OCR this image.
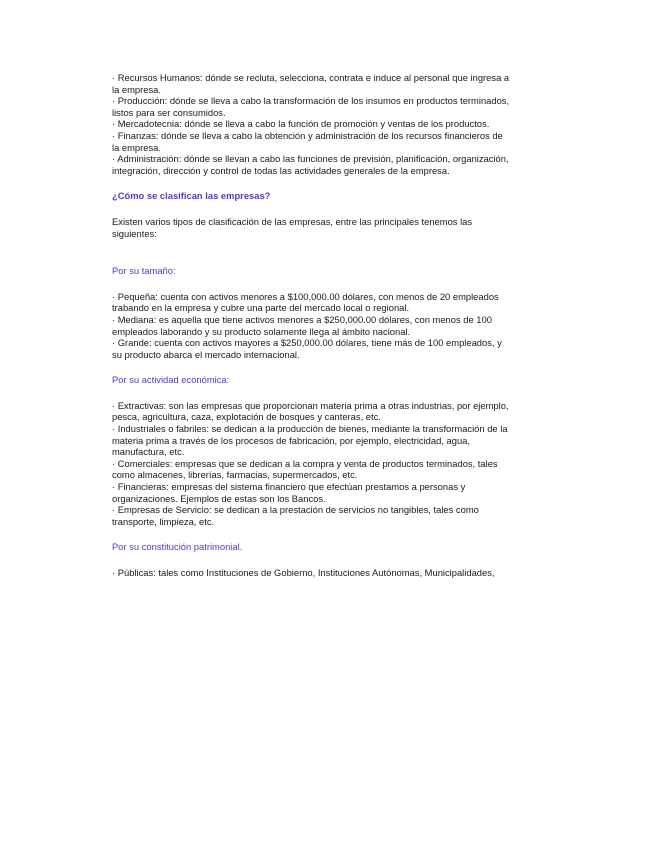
· Recursos Humanos: dónde se recluta, selecciona, contrata e induce al personal que ingresa a
la empresa.

· Producción: dónde se lleva a cabo la transformación de los insumos en productos terminados,
listos para ser consumidos.

· Mercadotecnia: dónde se lleva a cabo la función de promoción y ventas de los productos.

· Finanzas: dónde se lleva a cabo la obtención y administración de los recursos financieros de
la empresa.

· Administración: dónde se llevan a cabo las funciones de previsión, planificación, organización,
integración, dirección y control de todas las actividades generales de la empresa.

¿Cómo se clasifican las empresas?

Existen varios tipos de clasificación de las empresas, entre las principales tenemos las
siguientes:

Por su tamaño:

· Pequeña: cuenta con activos menores a $100,000.00 dólares, con menos de 20 empleados
trabando en la empresa y cubre una parte del mercado local o regional.

· Mediana: es aquella que tiene activos menores a $250,000.00 dólares, con menos de 100
empleados laborando y su producto solamente llega al ámbito nacional.

· Grande: cuenta con activos mayores a $250,000.00 dólares, tiene más de 100 empleados, y
su producto abarca el mercado internacional.

Por su actividad económica:

· Extractivas: son las empresas que proporcionan materia prima a otras industrias, por ejemplo,
pesca, agricultura, caza, explotación de bosques y canteras, etc.

· Industriales o fabriles: se dedican a la producción de bienes, mediante la transformación de la
materia prima a través de los procesos de fabricación, por ejemplo, electricidad, agua,
manufactura, etc.

· Comerciales: empresas que se dedican a la compra y venta de productos terminados, tales
como almacenes, librerías, farmacias, supermercados, etc.

· Financieras: empresas del sistema financiero que efectúan prestamos a personas y
organizaciones. Ejemplos de estas son los Bancos.

· Empresas de Servicio: se dedican a la prestación de servicios no tangibles, tales como
transporte, limpieza, etc.

Por su constitución patrimonial.

· Públicas: tales como Instituciones de Gobierno, Instituciones Autónomas, Municipalidades,
